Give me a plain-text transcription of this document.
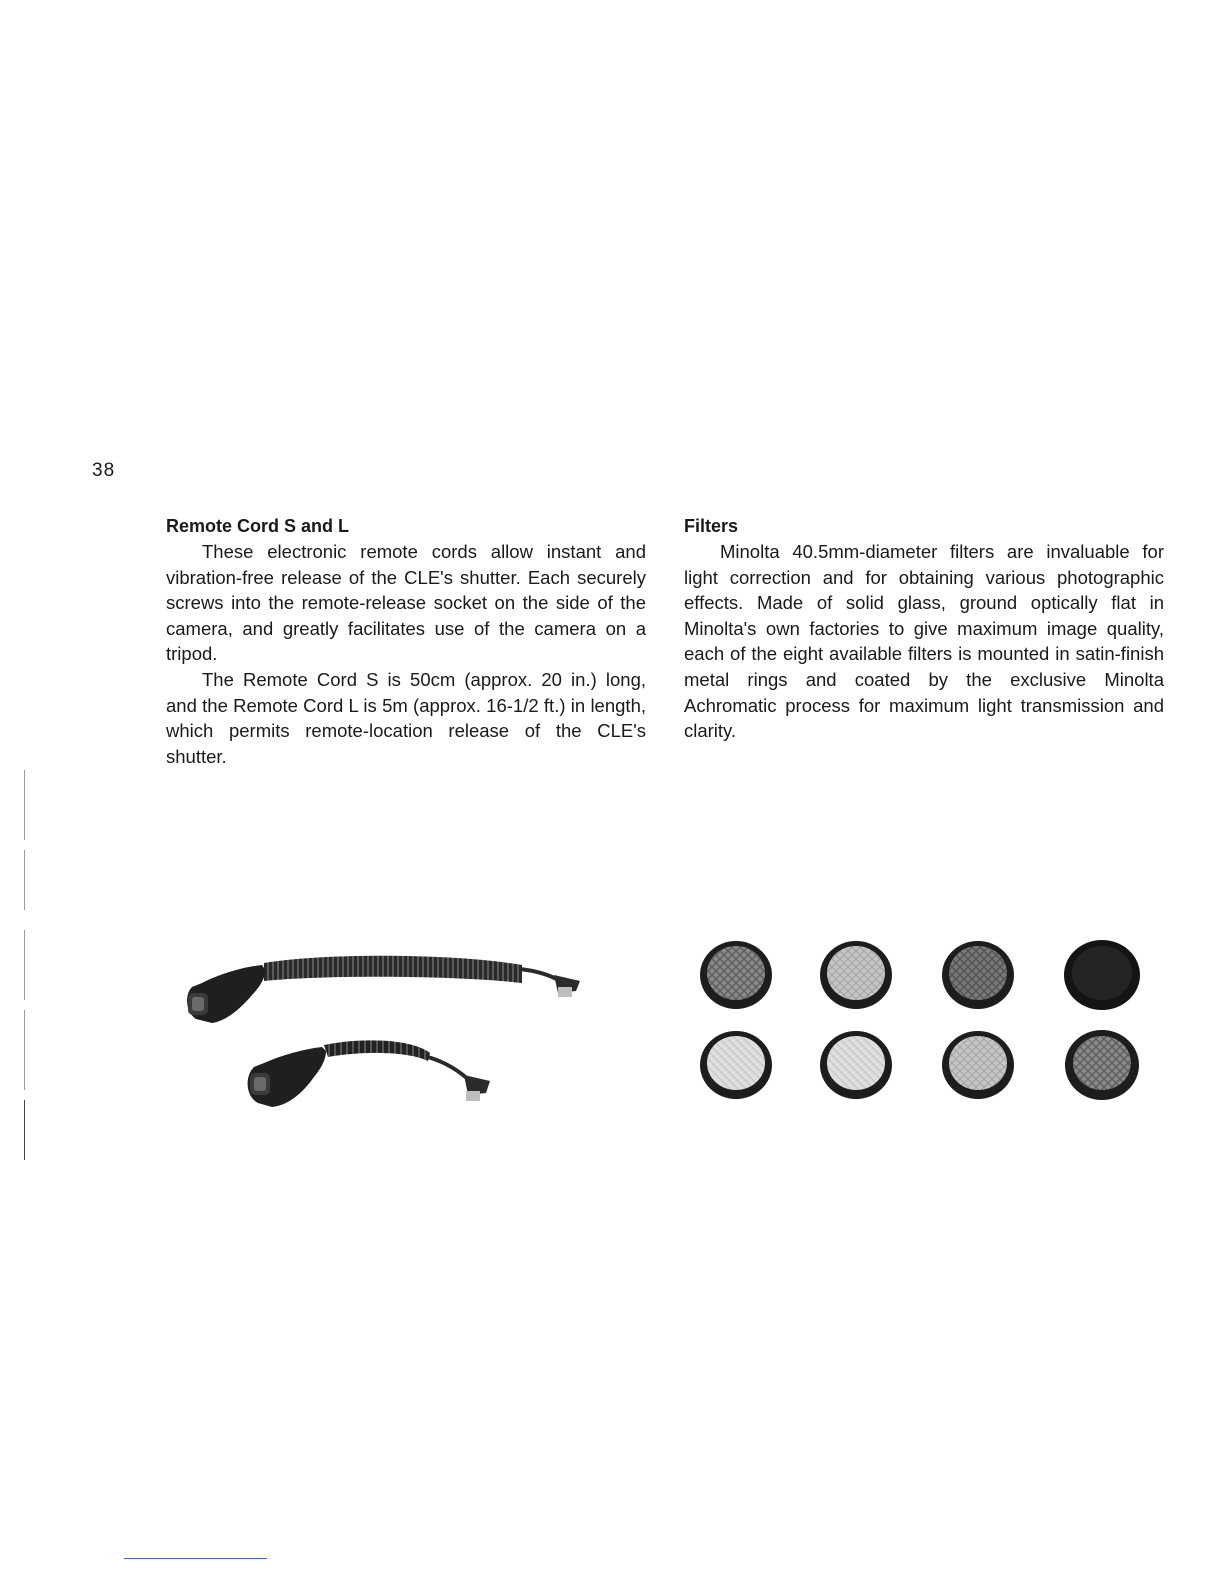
38

Remote Cord S and L

These electronic remote cords allow instant and vibration-free release of the CLE's shutter. Each securely screws into the remote-release socket on the side of the camera, and greatly facilitates use of the camera on a tripod.

The Remote Cord S is 50cm (approx. 20 in.) long, and the Remote Cord L is 5m (approx. 16-1/2 ft.) in length, which permits remote-location release of the CLE's shutter.

Filters

Minolta 40.5mm-diameter filters are invaluable for light correction and for obtaining various photographic effects. Made of solid glass, ground optically flat in Minolta's own factories to give maximum image quality, each of the eight available filters is mounted in satin-finish metal rings and coated by the exclusive Minolta Achromatic process for maximum light transmission and clarity.
